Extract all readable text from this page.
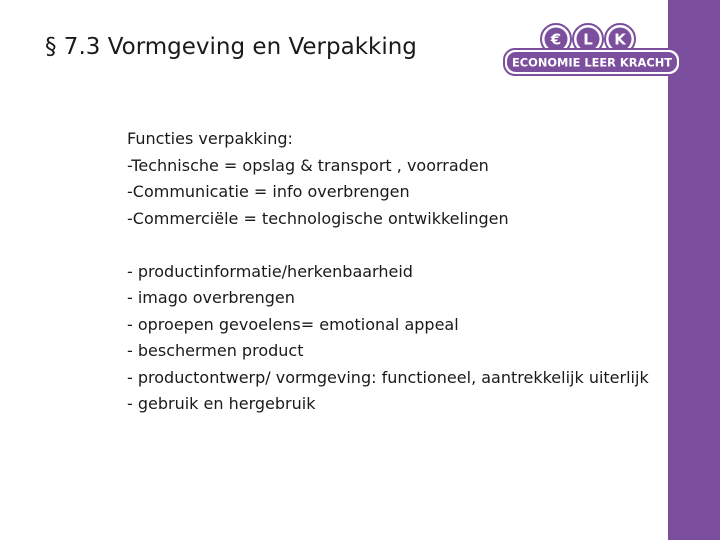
§ 7.3 Vormgeving en Verpakking	€ L K
ECONOMIE LEER KRACHT
Functies verpakking:
-Technische = opslag & transport , voorraden
-Communicatie = info overbrengen
-Commerciële = technologische ontwikkelingen
- productinformatie/herkenbaarheid
- imago overbrengen
- oproepen gevoelens= emotional appeal
- beschermen product
- productontwerp/ vormgeving: functioneel, aantrekkelijk uiterlijk
- gebruik en hergebruik
